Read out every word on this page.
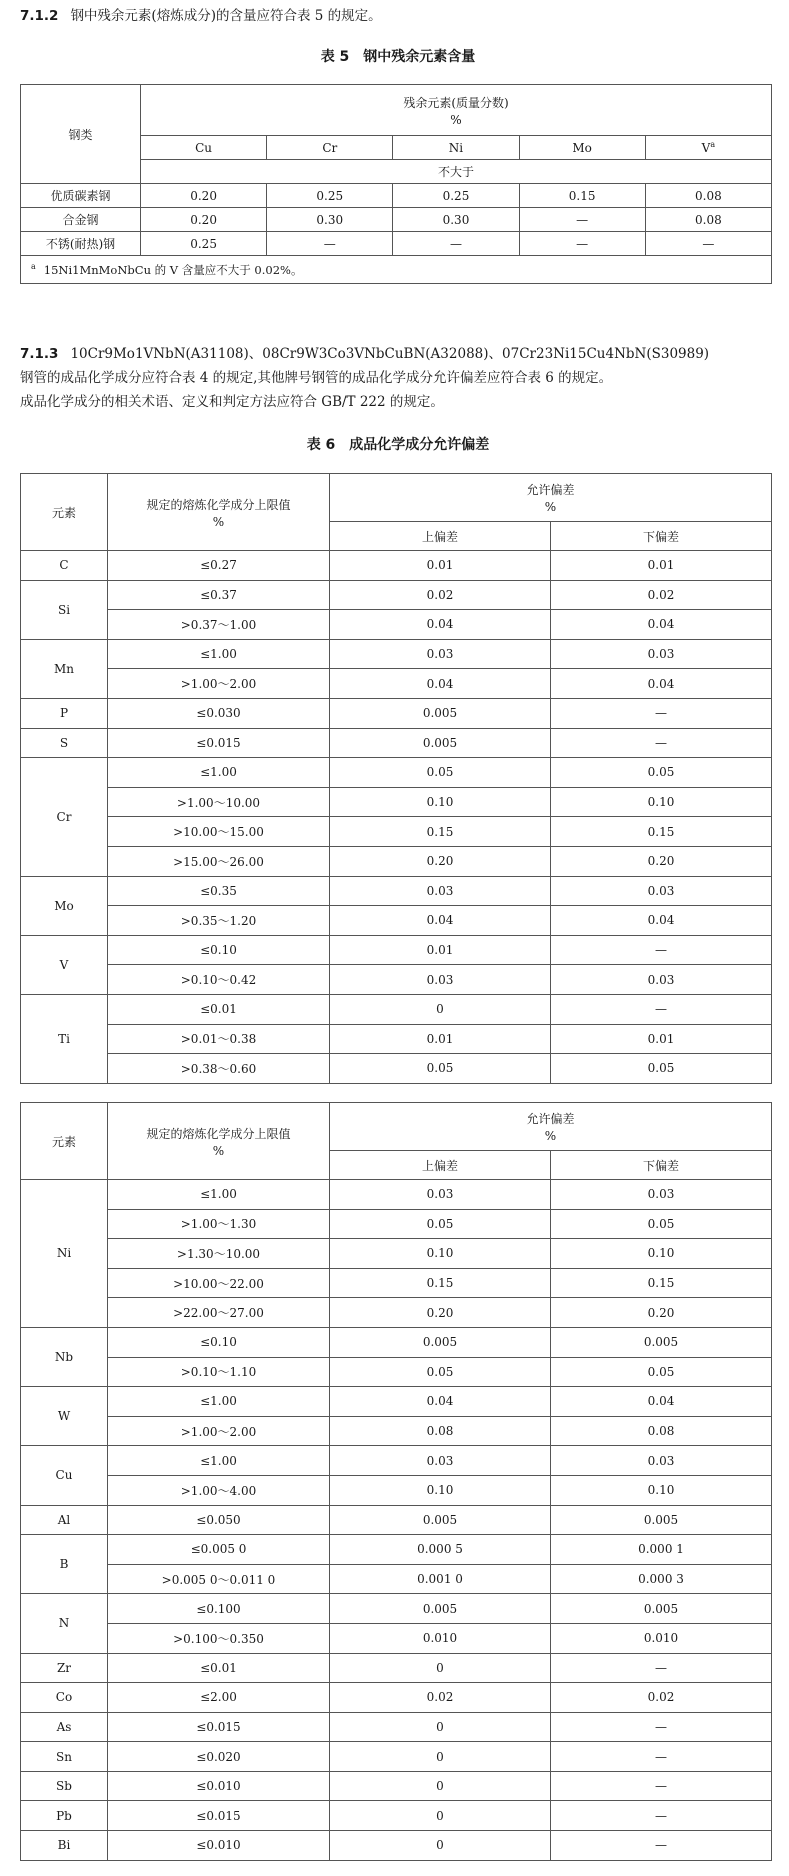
7.1.2 钢中残余元素(熔炼成分)的含量应符合表 5 的规定。

表 5　钢中残余元素含量

钢类	残余元素(质量分数)
%				

	Cu	Cr	Ni	Mo	$V^a$
	不大于				
优质碳素钢	0.20	0.25	0.25	0.15	0.08
合金钢	0.20	0.30	0.30	—	0.08
不锈(耐热)钢	0.25	—	—	—	—
$^a$ 15Ni1MnMoNbCu 的 V 含量应不大于 0.02%。					
7.1.3 10Cr9Mo1VNbN(A31108)、08Cr9W3Co3VNbCuBN(A32088)、07Cr23Ni15Cu4NbN(S30989)
钢管的成品化学成分应符合表 4 的规定,其他牌号钢管的成品化学成分允许偏差应符合表 6 的规定。
成品化学成分的相关术语、定义和判定方法应符合 GB/T 222 的规定。

表 6　成品化学成分允许偏差

元素	规定的熔炼化学成分上限值
%	允许偏差
%	

		上偏差	下偏差
C	≤0.27	0.01	0.01
Si	≤0.37	0.02	0.02
	>0.37～1.00	0.04	0.04
Mn	≤1.00	0.03	0.03
	>1.00～2.00	0.04	0.04
P	≤0.030	0.005	—
S	≤0.015	0.005	—
Cr	≤1.00	0.05	0.05
	>1.00～10.00	0.10	0.10
	>10.00～15.00	0.15	0.15
	>15.00～26.00	0.20	0.20
Mo	≤0.35	0.03	0.03
	>0.35～1.20	0.04	0.04
V	≤0.10	0.01	—
	>0.10～0.42	0.03	0.03
Ti	≤0.01	0	—
	>0.01～0.38	0.01	0.01
	>0.38～0.60	0.05	0.05
元素	规定的熔炼化学成分上限值
%	允许偏差
%	

		上偏差	下偏差
Ni	≤1.00	0.03	0.03
	>1.00～1.30	0.05	0.05
	>1.30～10.00	0.10	0.10
	>10.00～22.00	0.15	0.15
	>22.00～27.00	0.20	0.20
Nb	≤0.10	0.005	0.005
	>0.10～1.10	0.05	0.05
W	≤1.00	0.04	0.04
	>1.00～2.00	0.08	0.08
Cu	≤1.00	0.03	0.03
	>1.00～4.00	0.10	0.10
Al	≤0.050	0.005	0.005
B	≤0.005 0	0.000 5	0.000 1
	>0.005 0～0.011 0	0.001 0	0.000 3
N	≤0.100	0.005	0.005
	>0.100～0.350	0.010	0.010
Zr	≤0.01	0	—
Co	≤2.00	0.02	0.02
As	≤0.015	0	—
Sn	≤0.020	0	—
Sb	≤0.010	0	—
Pb	≤0.015	0	—
Bi	≤0.010	0	—
